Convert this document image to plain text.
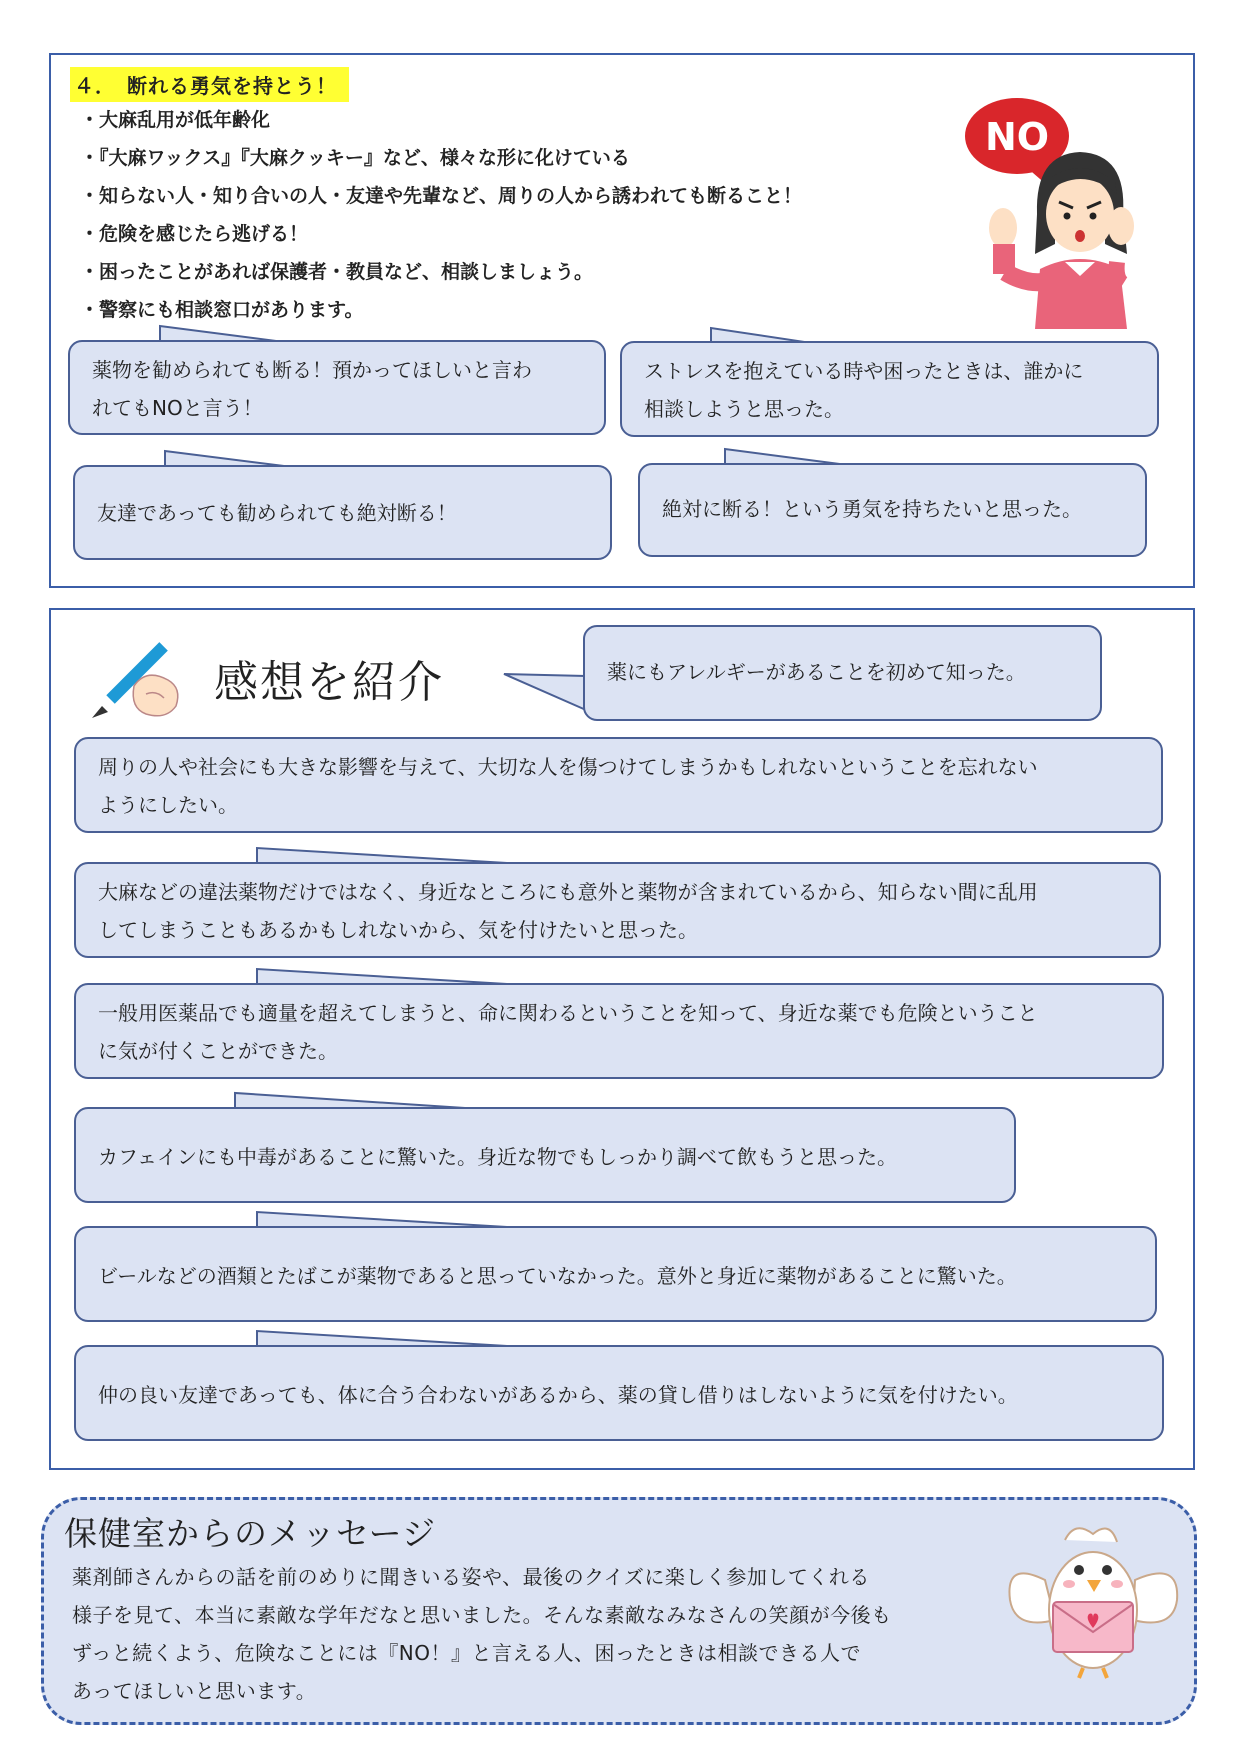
４．　断れる勇気を持とう！
・大麻乱用が低年齢化
・『大麻ワックス』『大麻クッキー』など、様々な形に化けている
・知らない人・知り合いの人・友達や先輩など、周りの人から誘われても断ること！
・危険を感じたら逃げる！
・困ったことがあれば保護者・教員など、相談しましょう。
・警察にも相談窓口があります。
NO
薬物を勧められても断る！預かってほしいと言わ
れてもNOと言う！
ストレスを抱えている時や困ったときは、誰かに
相談しようと思った。
友達であっても勧められても絶対断る！	絶対に断る！という勇気を持ちたいと思った。
感想を紹介	薬にもアレルギーがあることを初めて知った。
周りの人や社会にも大きな影響を与えて、大切な人を傷つけてしまうかもしれないということを忘れない
ようにしたい。
大麻などの違法薬物だけではなく、身近なところにも意外と薬物が含まれているから、知らない間に乱用
してしまうこともあるかもしれないから、気を付けたいと思った。
一般用医薬品でも適量を超えてしまうと、命に関わるということを知って、身近な薬でも危険ということ
に気が付くことができた。
カフェインにも中毒があることに驚いた。身近な物でもしっかり調べて飲もうと思った。
ビールなどの酒類とたばこが薬物であると思っていなかった。意外と身近に薬物があることに驚いた。
仲の良い友達であっても、体に合う合わないがあるから、薬の貸し借りはしないように気を付けたい。
保健室からのメッセージ
薬剤師さんからの話を前のめりに聞きいる姿や、最後のクイズに楽しく参加してくれる
様子を見て、本当に素敵な学年だなと思いました。そんな素敵なみなさんの笑顔が今後も
ずっと続くよう、危険なことには『NO！』と言える人、困ったときは相談できる人で
あってほしいと思います。
